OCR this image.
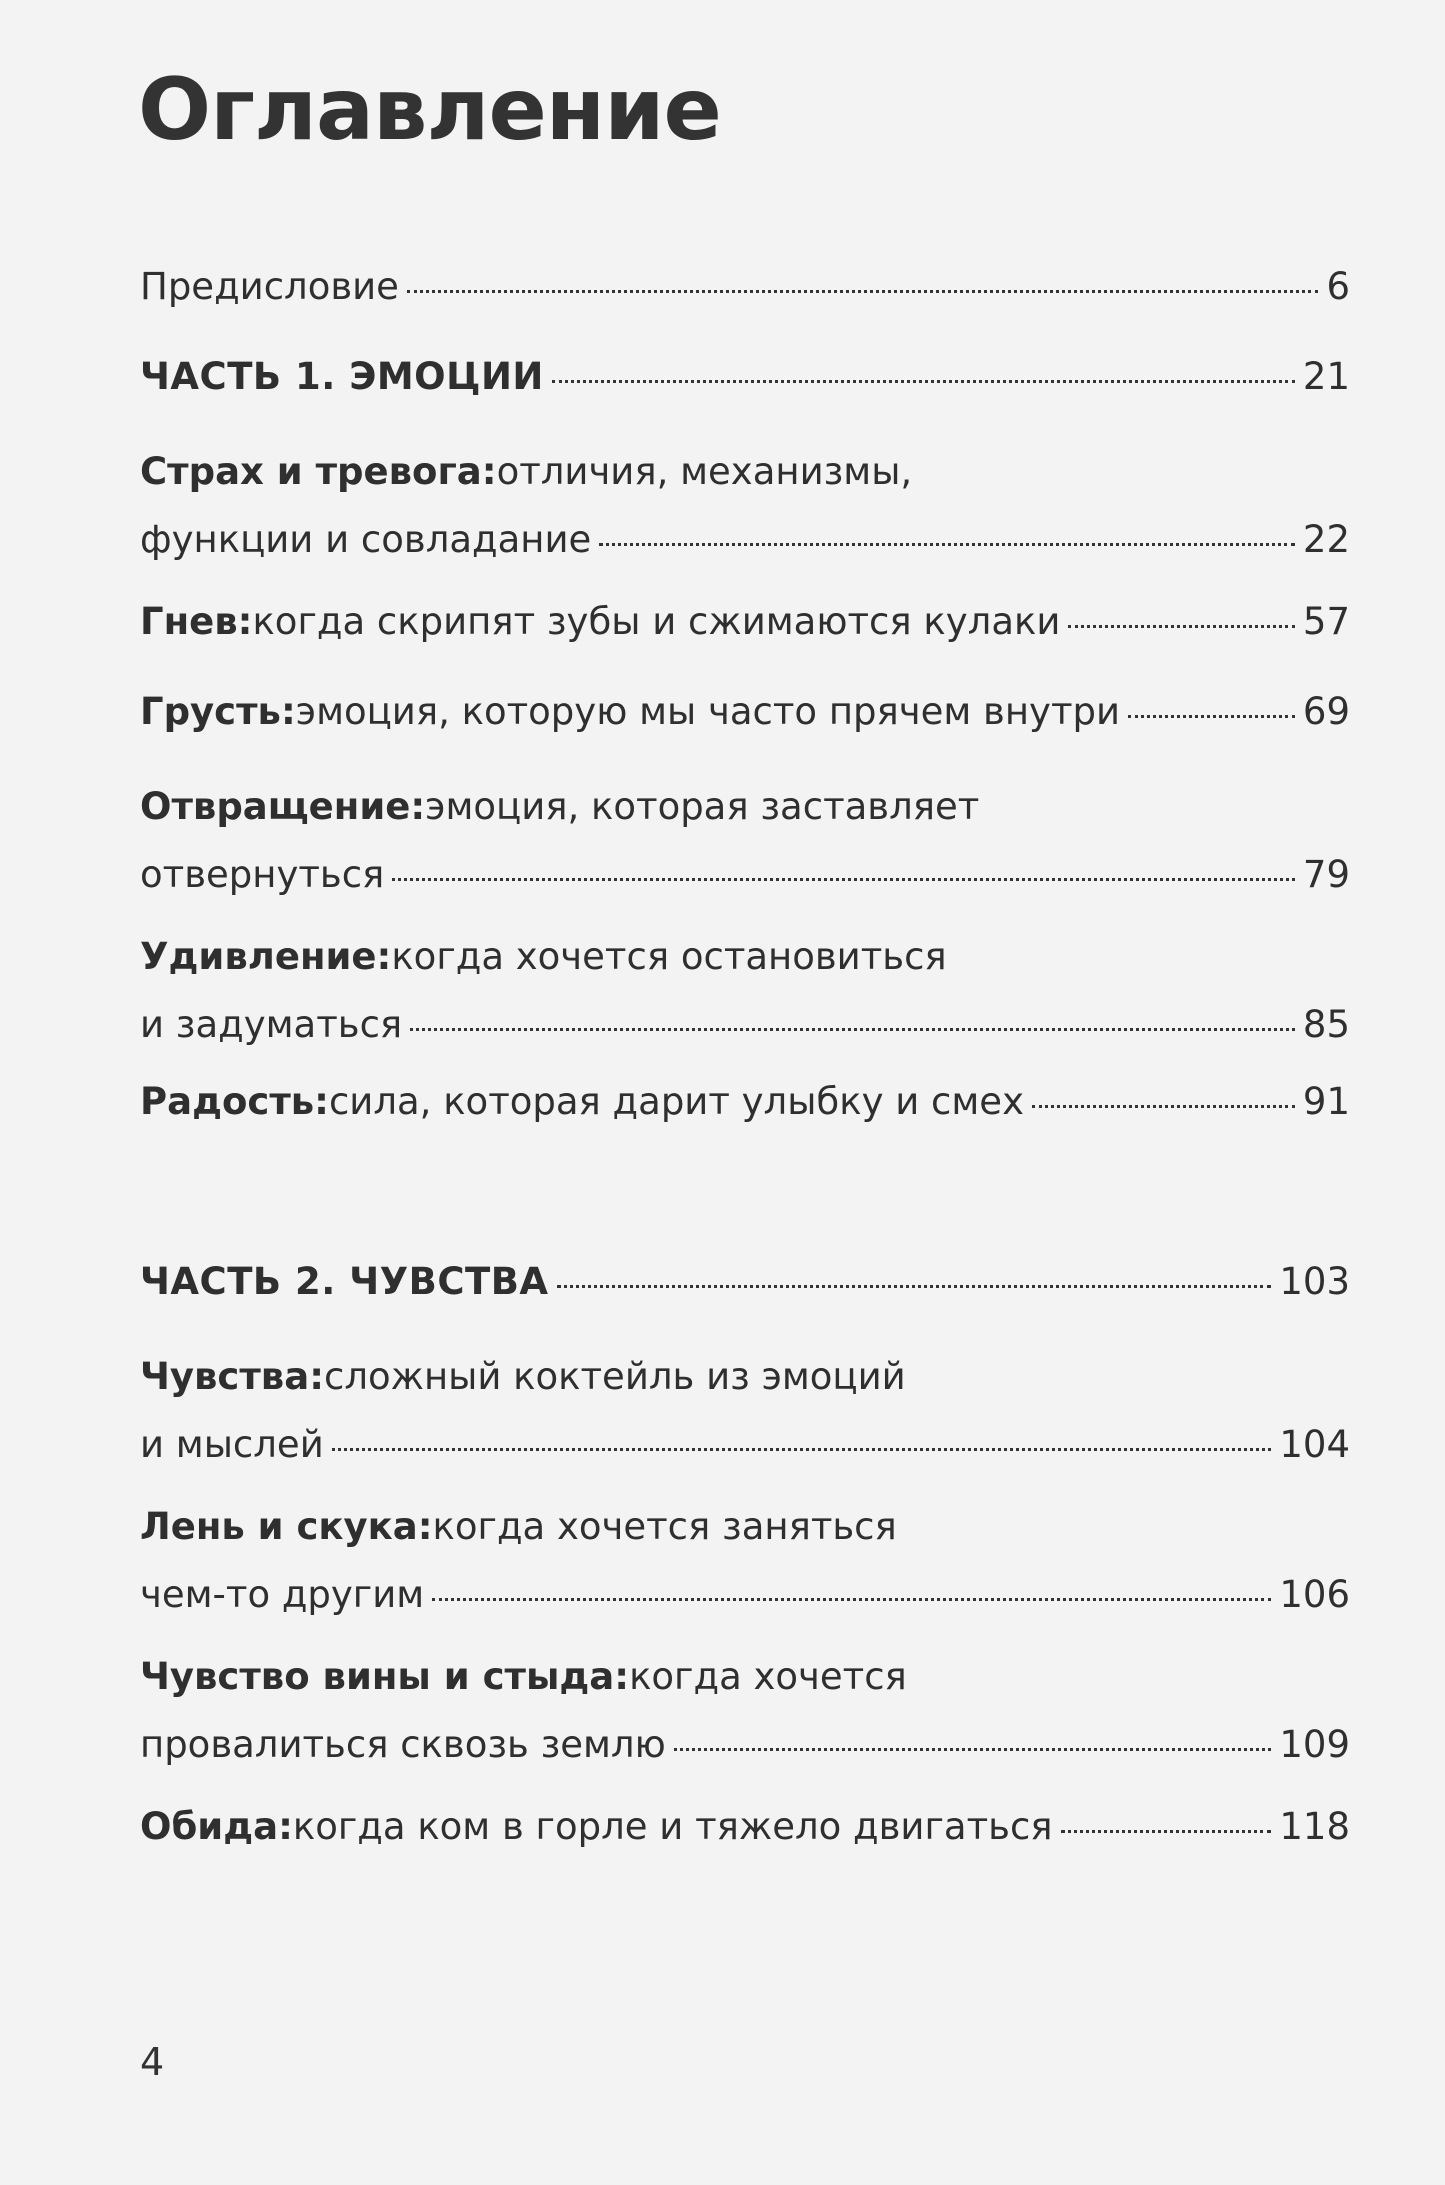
Оглавление
Предисловие	6
ЧАСТЬ 1. ЭМОЦИИ	21
Страх и тревога: отличия, механизмы,
функции и совладание	22
Гнев: когда скрипят зубы и сжимаются кулаки	57
Грусть: эмоция, которую мы часто прячем внутри	69
Отвращение: эмоция, которая заставляет
отвернуться	79
Удивление: когда хочется остановиться
и задуматься	85
Радость: сила, которая дарит улыбку и смех	91
ЧАСТЬ 2. ЧУВСТВА	103
Чувства: сложный коктейль из эмоций
и мыслей	104
Лень и скука: когда хочется заняться
чем-то другим	106
Чувство вины и стыда: когда хочется
провалиться сквозь землю	109
Обида: когда ком в горле и тяжело двигаться	118
4
